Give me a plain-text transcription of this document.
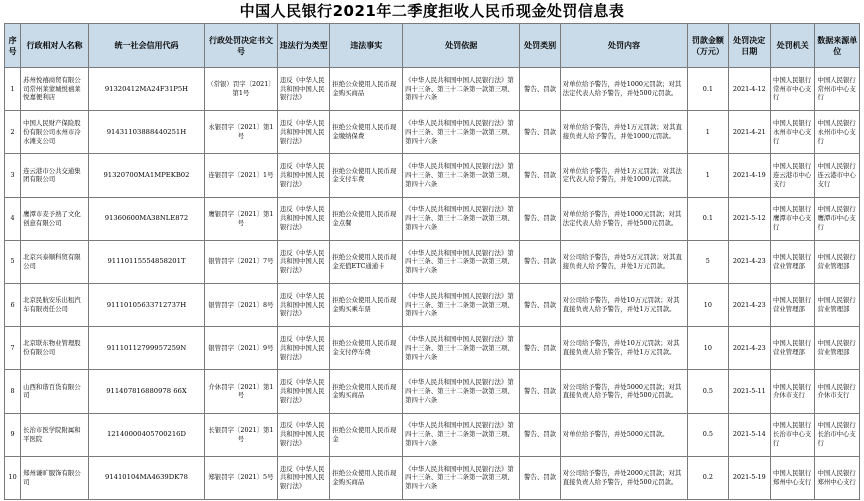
中国人民银行2021年二季度拒收人民币现金处罚信息表
序号	行政相对人名称	统一社会信用代码	行政处罚决定书文号	违法行为类型	违法事实	处罚依据	处罚类别	处罚内容	罚款金额（万元）	处罚决定日期	处罚机关	数据来源单位
1	苏州悦禧商贸有限公司常州莱蒙城悦禧莱悦嘉便利店	91320412MA24F31P5H	（常银）罚字〔2021〕第1号	违反《中华人民共和国中国人民银行法》	拒绝公众使用人民币现金购买商品	《中华人民共和国中国人民银行法》第四十三条、第三十二条第一款第三项、第四十六条	警告、罚款	对单位给予警告，并处1000元罚款；对其法定代表人给予警告，并处500元罚款。	0.1	2021-4-12	中国人民银行常州市中心支行	中国人民银行常州市中心支行
2	中国人民财产保险股份有限公司永州市冷水滩支公司	91431103888440251H	永银罚字〔2021〕第1号	违反《中华人民共和国中国人民银行法》	拒绝公众使用人民币现金缴纳保费	《中华人民共和国中国人民银行法》第四十三条、第三十二条第一款第三项、第四十六条	警告、罚款	对单位给予警告，并处1万元罚款；对其直接负责人给予警告，并处1000元罚款。	1	2021-4-21	中国人民银行永州市中心支行	中国人民银行永州市中心支行
3	连云港市公共交通集团有限公司	91320700MA1MPEKB02	连银罚字〔2021〕1号	违反《中华人民共和国中国人民银行法》	拒绝公众使用人民币现金支付车费	《中华人民共和国中国人民银行法》第四十三条、第三十二条第一款第三项、第四十六条	警告、罚款	对单位给予警告，并处1万元罚款；对其法定代表人给予警告，并处1000元罚款。	1	2021-4-19	中国人民银行连云港市中心支行	中国人民银行连云港市中心支行
4	鹰潭市麦予熟了文化创意有限公司	91360600MA38NLE872	鹰银罚字〔2021〕第1号	违反《中华人民共和国中国人民银行法》	拒绝公众使用人民币现金点餐	《中华人民共和国中国人民银行法》第四十三条、第三十二条第一款第三项、第四十六条	警告、罚款	对单位给予警告，并处1000元罚款；对其法定代表人给予警告，并处500元罚款。	0.1	2021-5-12	中国人民银行鹰潭市中心支行	中国人民银行鹰潭市中心支行
5	北京兴泰顺科贸有限公司	91110115554858201T	银管罚字〔2021〕7号	违反《中华人民共和国中国人民银行法》	拒绝公众使用人民币现金充值ETC通通卡	《中华人民共和国中国人民银行法》第四十三条、第三十二条第一款第三项、第四十六条	警告、罚款	对公司给予警告，并处5万元罚款；对其直接负责人给予警告，并处1万元罚款。	5	2021-4-23	中国人民银行营业管理部	中国人民银行营业管理部
6	北京民航安乐出租汽车有限责任公司	91110105633712737H	银管罚字〔2021〕8号	违反《中华人民共和国中国人民银行法》	拒绝公众使用人民币现金购买乘车票	《中华人民共和国中国人民银行法》第四十三条、第三十二条第一款第三项、第四十六条	警告、罚款	对公司给予警告，并处10万元罚款；对其直接负责人给予警告，并处1万元罚款。	10	2021-4-23	中国人民银行营业管理部	中国人民银行营业管理部
7	北京联东物业管理股份有限公司	91110112799957259N	银管罚字〔2021〕9号	违反《中华人民共和国中国人民银行法》	拒绝公众使用人民币现金支付停车费	《中华人民共和国中国人民银行法》第四十三条、第三十二条第一款第三项、第四十六条	警告、罚款	对公司给予警告，并处10万元罚款；对其直接负责人给予警告，并处1万元罚款。	10	2021-4-23	中国人民银行营业管理部	中国人民银行营业管理部
8	山西和谐百货有限公司	911407816880978 66X	介休罚字〔2021〕第1号	违反《中华人民共和国中国人民银行法》	拒绝公众使用人民币现金购买商品	《中华人民共和国中国人民银行法》第四十三条、第三十二条第一款第三项、第四十六条	警告、罚款	对公司给予警告，并处5000元罚款；对其直接负责人给予警告，并处500元罚款。	0.5	2021-5-11	中国人民银行介休市支行	中国人民银行介休市支行
9	长治市医学院附属和平医院	12140000405700216D	长银罚字〔2021〕第1号	违反《中华人民共和国中国人民银行法》	拒绝公众使用人民币现金	《中华人民共和国中国人民银行法》第四十三条、第三十二条第一款第三项、第四十六条	警告、罚款	对单位给予警告，并处5000元罚款。	0.5	2021-5-14	中国人民银行长治市中心支行	中国人民银行长治市中心支行
10	郑州谦旷服饰有限公司	91410104MA4639DK78	郑银罚字〔2021〕5号	违反《中华人民共和国中国人民银行法》	拒绝公众使用人民币现金购买商品	《中华人民共和国中国人民银行法》第四十三条、第三十二条第一款第三项、第四十六条	警告、罚款	对公司给予警告，并处2000元罚款；对其直接负责人给予警告，并处500元罚款。	0.2	2021-5-19	中国人民银行郑州中心支行	中国人民银行郑州中心支行
